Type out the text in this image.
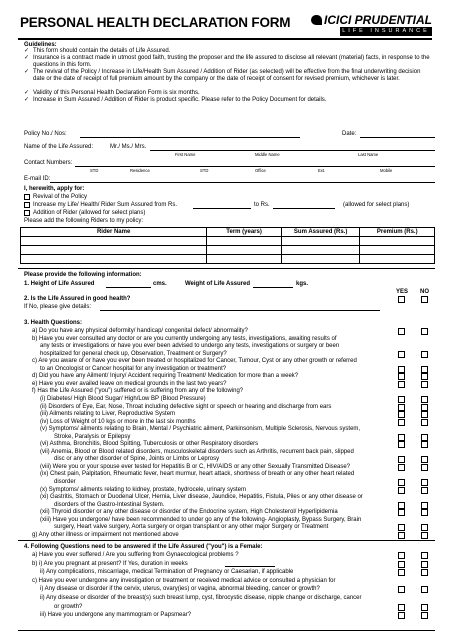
PERSONAL HEALTH DECLARATION FORM	ICICI PRUDENTIAL
LIFE INSURANCE
Guidelines:
✓ This form should contain the details of Life Assured.
✓ Insurance is a contract made in utmost good faith, trusting the proposer and the life assured to disclose all relevant (material) facts, in response to the questions in this form.
✓ The revival of the Policy / Increase in Life/Health Sum Assured / Addition of Rider (as selected) will be effective from the final underwriting decision date or the date of receipt of full premium amount by the company or the date of receipt of consent for revised premium, whichever is later.
✓ Validity of this Personal Health Declaration Form is six months.
✓ Increase in Sum Assured / Addition of Rider is product specific. Please refer to the Policy Document for details.
Policy No./ Nos:	Date:
Name of the Life Assured:	Mr./ Ms./ Mrs.
First Name	Middle Name	Last Name
Contact Numbers:
STD	Residence	STD	Office	Ext.	Mobile
E-mail ID:
I, herewith, apply for:
Revival of the Policy
Increase my Life/ Health/ Rider Sum Assured from Rs.	to Rs.	(allowed for select plans)
Addition of Rider (allowed for select plans)
Please add the following Riders to my policy:
Rider Name	Term (years)	Sum Assured (Rs.)	Premium (Rs.)

Please provide the following information:
1. Height of Life Assured	cms.	Weight of Life Assured	kgs.
YES NO
2. Is the Life Assured in good health?
If No, please give details:
3. Health Questions:
a) Do you have any physical deformity/ handicap/ congenital defect/ abnormality?
b) Have you ever consulted any doctor or are you currently undergoing any tests, investigations, awaiting results of
any tests or investigations or have you ever been advised to undergo any tests, investigations or surgery or been
hospitalized for general check up, Observation, Treatment or Surgery?
c) Are you aware of or have you ever been treated or hospitalized for Cancer, Tumour, Cyst or any other growth or referred
to an Oncologist or Cancer hospital for any investigation or treatment?
d) Did you have any Ailment/ Injury/ Accident requiring Treatment/ Medication for more than a week?
e) Have you ever availed leave on medical grounds in the last two years?
f) Has the Life Assured ("you") suffered or is suffering from any of the following?
(i) Diabetes/ High Blood Sugar/ High/Low BP (Blood Pressure)
(ii) Disorders of Eye, Ear, Nose, Throat including defective sight or speech or hearing and discharge from ears
(iii) Ailments relating to Liver, Reproductive System
(iv) Loss of Weight of 10 kgs or more in the last six months
(v) Symptoms/ ailments relating to Brain, Mental / Psychiatric ailment, Parkinsonism, Multiple Sclerosis, Nervous system,
Stroke, Paralysis or Epilepsy
(vi) Asthma, Bronchitis, Blood Spitting, Tuberculosis or other Respiratory disorders
(vii) Anemia, Blood or Blood related disorders, musculoskeletal disorders such as Arthritis, recurrent back pain, slipped
disc or any other disorder of Spine, Joints or Limbs or Leprosy
(viii) Were you or your spouse ever tested for Hepatitis B or C, HIV/AIDS or any other Sexually Transmitted Disease?
(ix) Chest pain, Palpitation, Rheumatic fever, heart murmur, heart attack, shortness of breath or any other heart related
disorder
(x) Symptoms/ ailments relating to kidney, prostate, hydrocele, urinary system
(xi) Gastritis, Stomach or Duodenal Ulcer, Hernia, Liver disease, Jaundice, Hepatitis, Fistula, Piles or any other disease or
disorders of the Gastro-Intestinal System.
(xii) Thyroid disorder or any other disease or disorder of the Endocrine system, High Cholesterol/ Hyperlipidemia
(xiii) Have you undergone/ have been recommended to under go any of the following- Angioplasty, Bypass Surgery, Brain
surgery, Heart valve surgery, Aorta surgery or organ transplant or any other major Surgery or Treatment
g) Any other illness or impairment not mentioned above
4. Following Questions need to be answered if the Life Assured ("you") is a Female:
a) Have you ever suffered / Are you suffering from Gynaecological problems ?
b) i) Are you pregnant at present? If Yes, duration in weeks
ii) Any complications, miscarriage, medical Termination of Pregnancy or Caesarian, if applicable
c) Have you ever undergone any investigation or treatment or received medical advice or consulted a physician for
i) Any disease or disorder if the cervix, uterus, ovary(ies) or vagina, abnormal bleeding, cancer or growth?
ii) Any disease or disorder of the breast(s) such breast lump, cyst, fibrocystic disease, nipple change or discharge, cancer
or growth?
iii) Have you undergone any mammogram or Papsmear?
